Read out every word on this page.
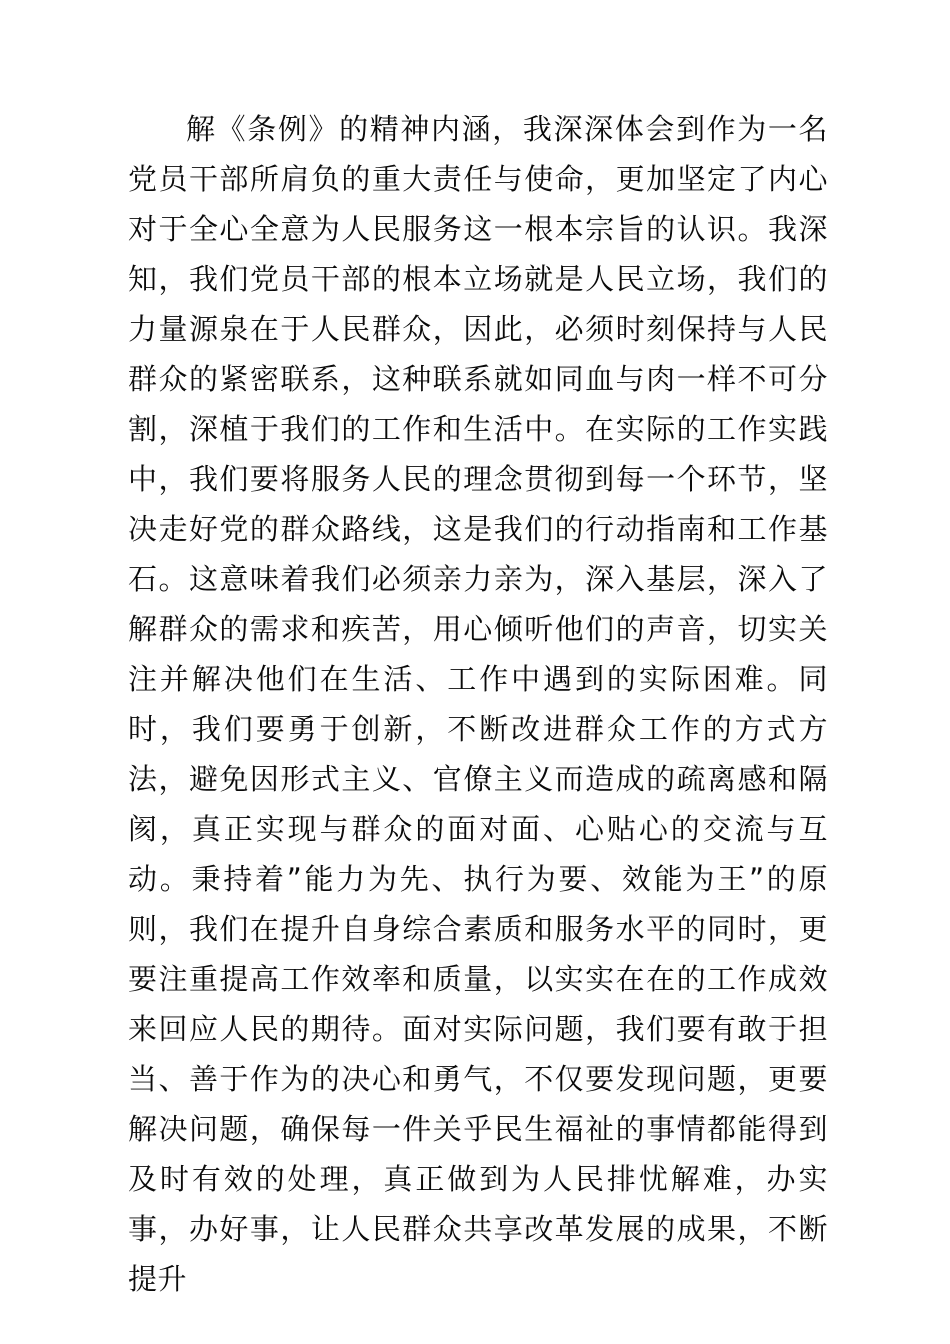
解《条例》的精神内涵，我深深体会到作为一名党员干部所肩负的重大责任与使命，更加坚定了内心对于全心全意为人民服务这一根本宗旨的认识。我深知，我们党员干部的根本立场就是人民立场，我们的力量源泉在于人民群众，因此，必须时刻保持与人民群众的紧密联系，这种联系就如同血与肉一样不可分割，深植于我们的工作和生活中。在实际的工作实践中，我们要将服务人民的理念贯彻到每一个环节，坚决走好党的群众路线，这是我们的行动指南和工作基石。这意味着我们必须亲力亲为，深入基层，深入了解群众的需求和疾苦，用心倾听他们的声音，切实关注并解决他们在生活、工作中遇到的实际困难。同时，我们要勇于创新，不断改进群众工作的方式方法，避免因形式主义、官僚主义而造成的疏离感和隔阂，真正实现与群众的面对面、心贴心的交流与互动。秉持着”能力为先、执行为要、效能为王”的原则，我们在提升自身综合素质和服务水平的同时，更要注重提高工作效率和质量，以实实在在的工作成效来回应人民的期待。面对实际问题，我们要有敢于担当、善于作为的决心和勇气，不仅要发现问题，更要解决问题，确保每一件关乎民生福祉的事情都能得到及时有效的处理，真正做到为人民排忧解难，办实事，办好事，让人民群众共享改革发展的成果，不断提升
